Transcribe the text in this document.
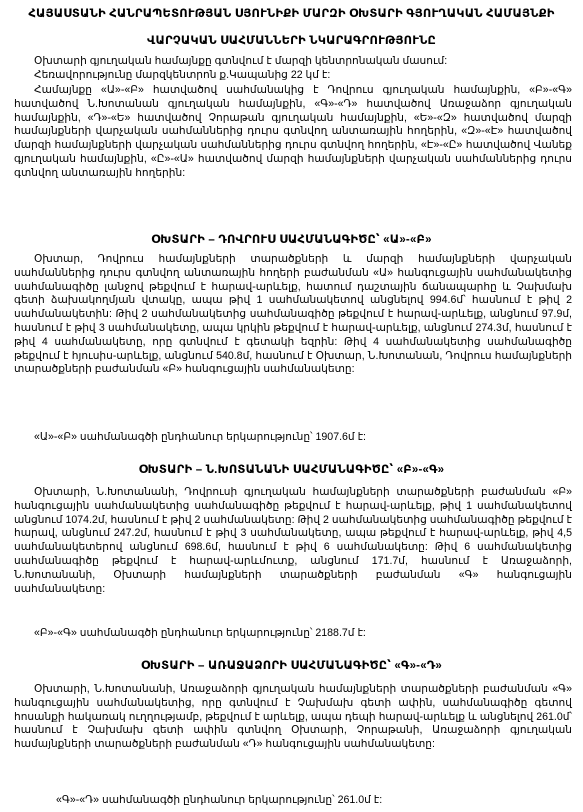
ՀԱՅԱՍՏԱՆԻ ՀԱՆՐԱՊԵՏՈՒԹՅԱՆ ՍՅՈՒՆԻՔԻ ՄԱՐԶԻ ՕԽՏԱՐԻ ԳՅՈՒՂԱԿԱՆ ՀԱՄԱՅՆՔԻ
ՎԱՐՉԱԿԱՆ ՍԱՀՄԱՆՆԵՐԻ ՆԿԱՐԱԳՐՈՒԹՅՈՒՆԸ
Օխտարի գյուղական համայնքը գտնվում է մարզի կենտրոնական մասում:
Հեռավորությունը մարզկենտրոն ք.Կապանից 22 կմ է:
Համայնքը «Ա»-«Բ» հատվածով սահմանակից է Դովրուս գյուղական համայնքին, «Բ»-«Գ» հատվածով Ն.Խոտանան գյուղական համայնքին, «Գ»-«Դ» հատվածով Առաջաձոր գյուղական համայնքին, «Դ»-«Ե» հատվածով Չորաթան գյուղական համայնքին, «Ե»-«Զ» հատվածով մարզի համայնքների վարչական սահմաններից դուրս գտնվող անտառային հողերին, «Զ»-«Է» հատվածով մարզի համայնքների վարչական սահմաններից դուրս գտնվող հողերին, «Է»-«Ը» հատվածով Վանեք գյուղական համայնքին, «Ը»-«Ա» հատվածով մարզի համայնքների վարչական սահմաններից դուրս գտնվող անտառային հողերին:
ՕԽՏԱՐԻ – ԴՈՎՐՈՒՍ ՍԱՀՄԱՆԱԳԻԾԸ՝ «Ա»-«Բ»
Օխտար, Դովրուս համայնքների տարածքների և մարզի համայնքների վարչական սահմաններից դուրս գտնվող անտառային հողերի բաժանման «Ա» հանգուցային սահմանակետից սահմանագիծը լանջով թեքվում է հարավ-արևելք, հատում դաշտային ճանապարհը և Չախմախ գետի ձախակողմյան վտակը, ապա թիվ 1 սահմանակետով անցնելով 994.6մ՝ հասնում է թիվ 2 սահմանակետին: Թիվ 2 սահմանակետից սահմանագիծը թեքվում է հարավ-արևելք, անցնում 97.9մ, հասնում է թիվ 3 սահմանակետը, ապա կրկին թեքվում է հարավ-արևելք, անցնում 274.3մ, հասնում է թիվ 4 սահմանակետը, որը գտնվում է գետակի եզրին: Թիվ 4 սահմանակետից սահմանագիծը թեքվում է հյուսիս-արևելք, անցնում 540.8մ, հասնում է Օխտար, Ն.Խոտանան, Դովրուս համայնքների տարածքների բաժանման «Բ» հանգուցային սահմանակետը:
«Ա»-«Բ» սահմանագծի ընդհանուր երկարությունը՝ 1907.6մ է:
ՕԽՏԱՐԻ – Ն.ԽՈՏԱՆԱՆԻ ՍԱՀՄԱՆԱԳԻԾԸ՝ «Բ»-«Գ»
Օխտարի, Ն.Խոտանանի, Դովրուսի գյուղական համայնքների տարածքների բաժանման «Բ» հանգուցային սահմանակետից սահմանագիծը թեքվում է հարավ-արևելք, թիվ 1 սահմանակետով անցնում 1074.2մ, հասնում է թիվ 2 սահմանակետը: Թիվ 2 սահմանակետից սահմանագիծը թեքվում է հարավ, անցնում 247.2մ, հասնում է թիվ 3 սահմանակետը, ապա թեքվում է հարավ-արևելք, թիվ 4,5 սահմանակետերով անցնում 698.6մ, հասնում է թիվ 6 սահմանակետը: Թիվ 6 սահմանակետից սահմանագիծը թեքվում է հարավ-արևմուտք, անցնում 171.7մ, հասնում է Առաջաձորի, Ն.Խոտանանի, Օխտարի համայնքների տարածքների բաժանման «Գ» հանգուցային սահմանակետը:
«Բ»-«Գ» սահմանագծի ընդհանուր երկարությունը՝ 2188.7մ է:
ՕԽՏԱՐԻ – ԱՌԱՋԱՁՈՐԻ ՍԱՀՄԱՆԱԳԻԾԸ՝ «Գ»-«Դ»
Օխտարի, Ն.Խոտանանի, Առաջաձորի գյուղական համայնքների տարածքների բաժանման «Գ» հանգուցային սահմանակետից, որը գտնվում է Չախմախ գետի ափին, սահմանագիծը գետով հոսանքի հակառակ ուղղությամբ, թեքվում է արևելք, ապա դեպի հարավ-արևելք և անցնելով 261.0մ՝ հասնում է Չախմախ գետի ափին գտնվող Օխտարի, Չորաթանի, Առաջաձորի գյուղական համայնքների տարածքների բաժանման «Դ» հանգուցային սահմանակետը:
«Գ»-«Դ» սահմանագծի ընդհանուր երկարությունը՝ 261.0մ է:
